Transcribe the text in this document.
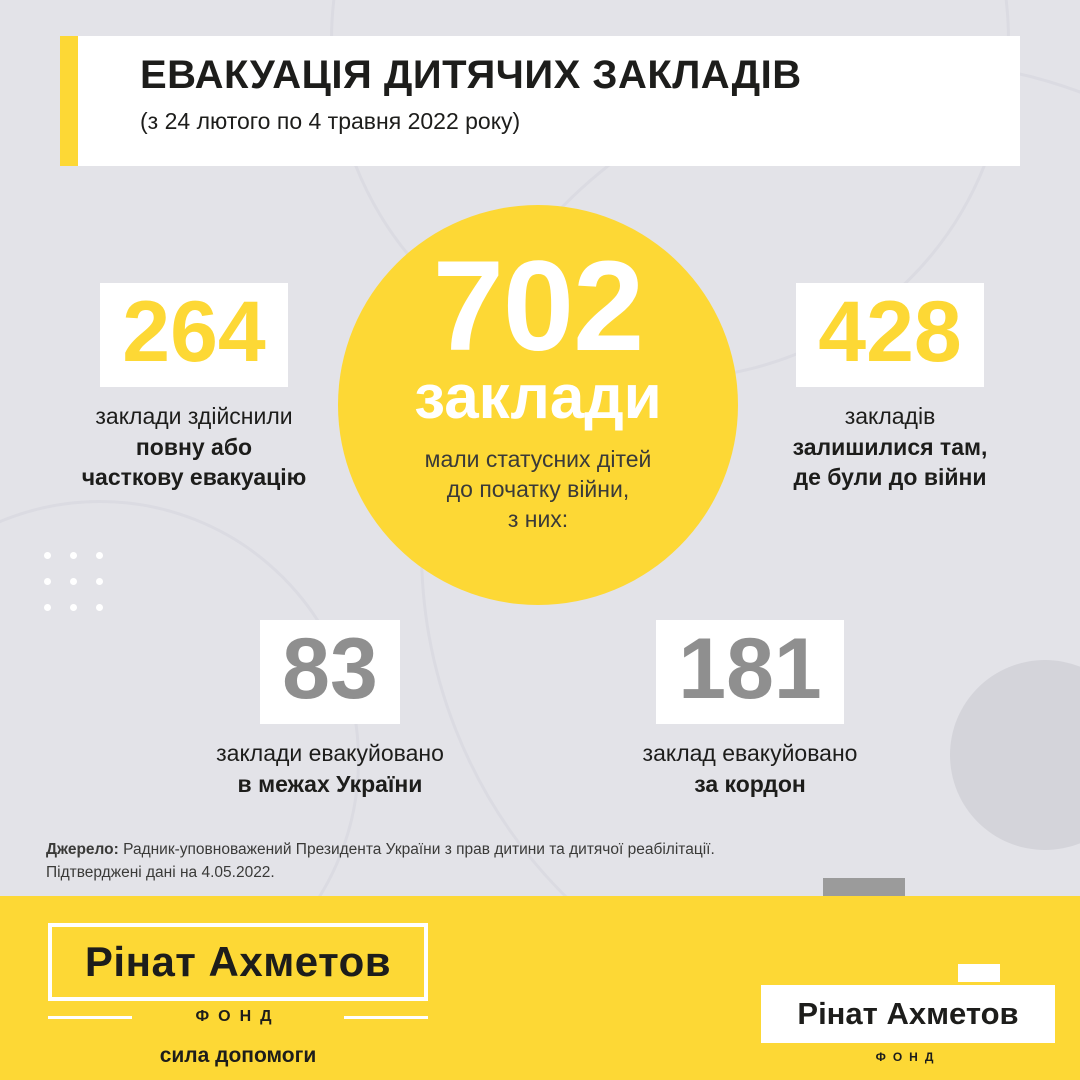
ЕВАКУАЦІЯ ДИТЯЧИХ ЗАКЛАДІВ
(з 24 лютого по 4 травня 2022 року)
702
заклади
мали статусних дітей
до початку війни,
з них:
264
заклади здійснили
повну або
часткову евакуацію
428
закладів
залишилися там,
де були до війни
83
заклади евакуйовано
в межах України
181
заклад евакуйовано
за кордон
Джерело: Радник-уповноважений Президента України з прав дитини та дитячої реабілітації.
Підтверджені дані на 4.05.2022.
Рінат Ахметов
ФОНД
сила допомоги
Рінат Ахметов
ФОНД
